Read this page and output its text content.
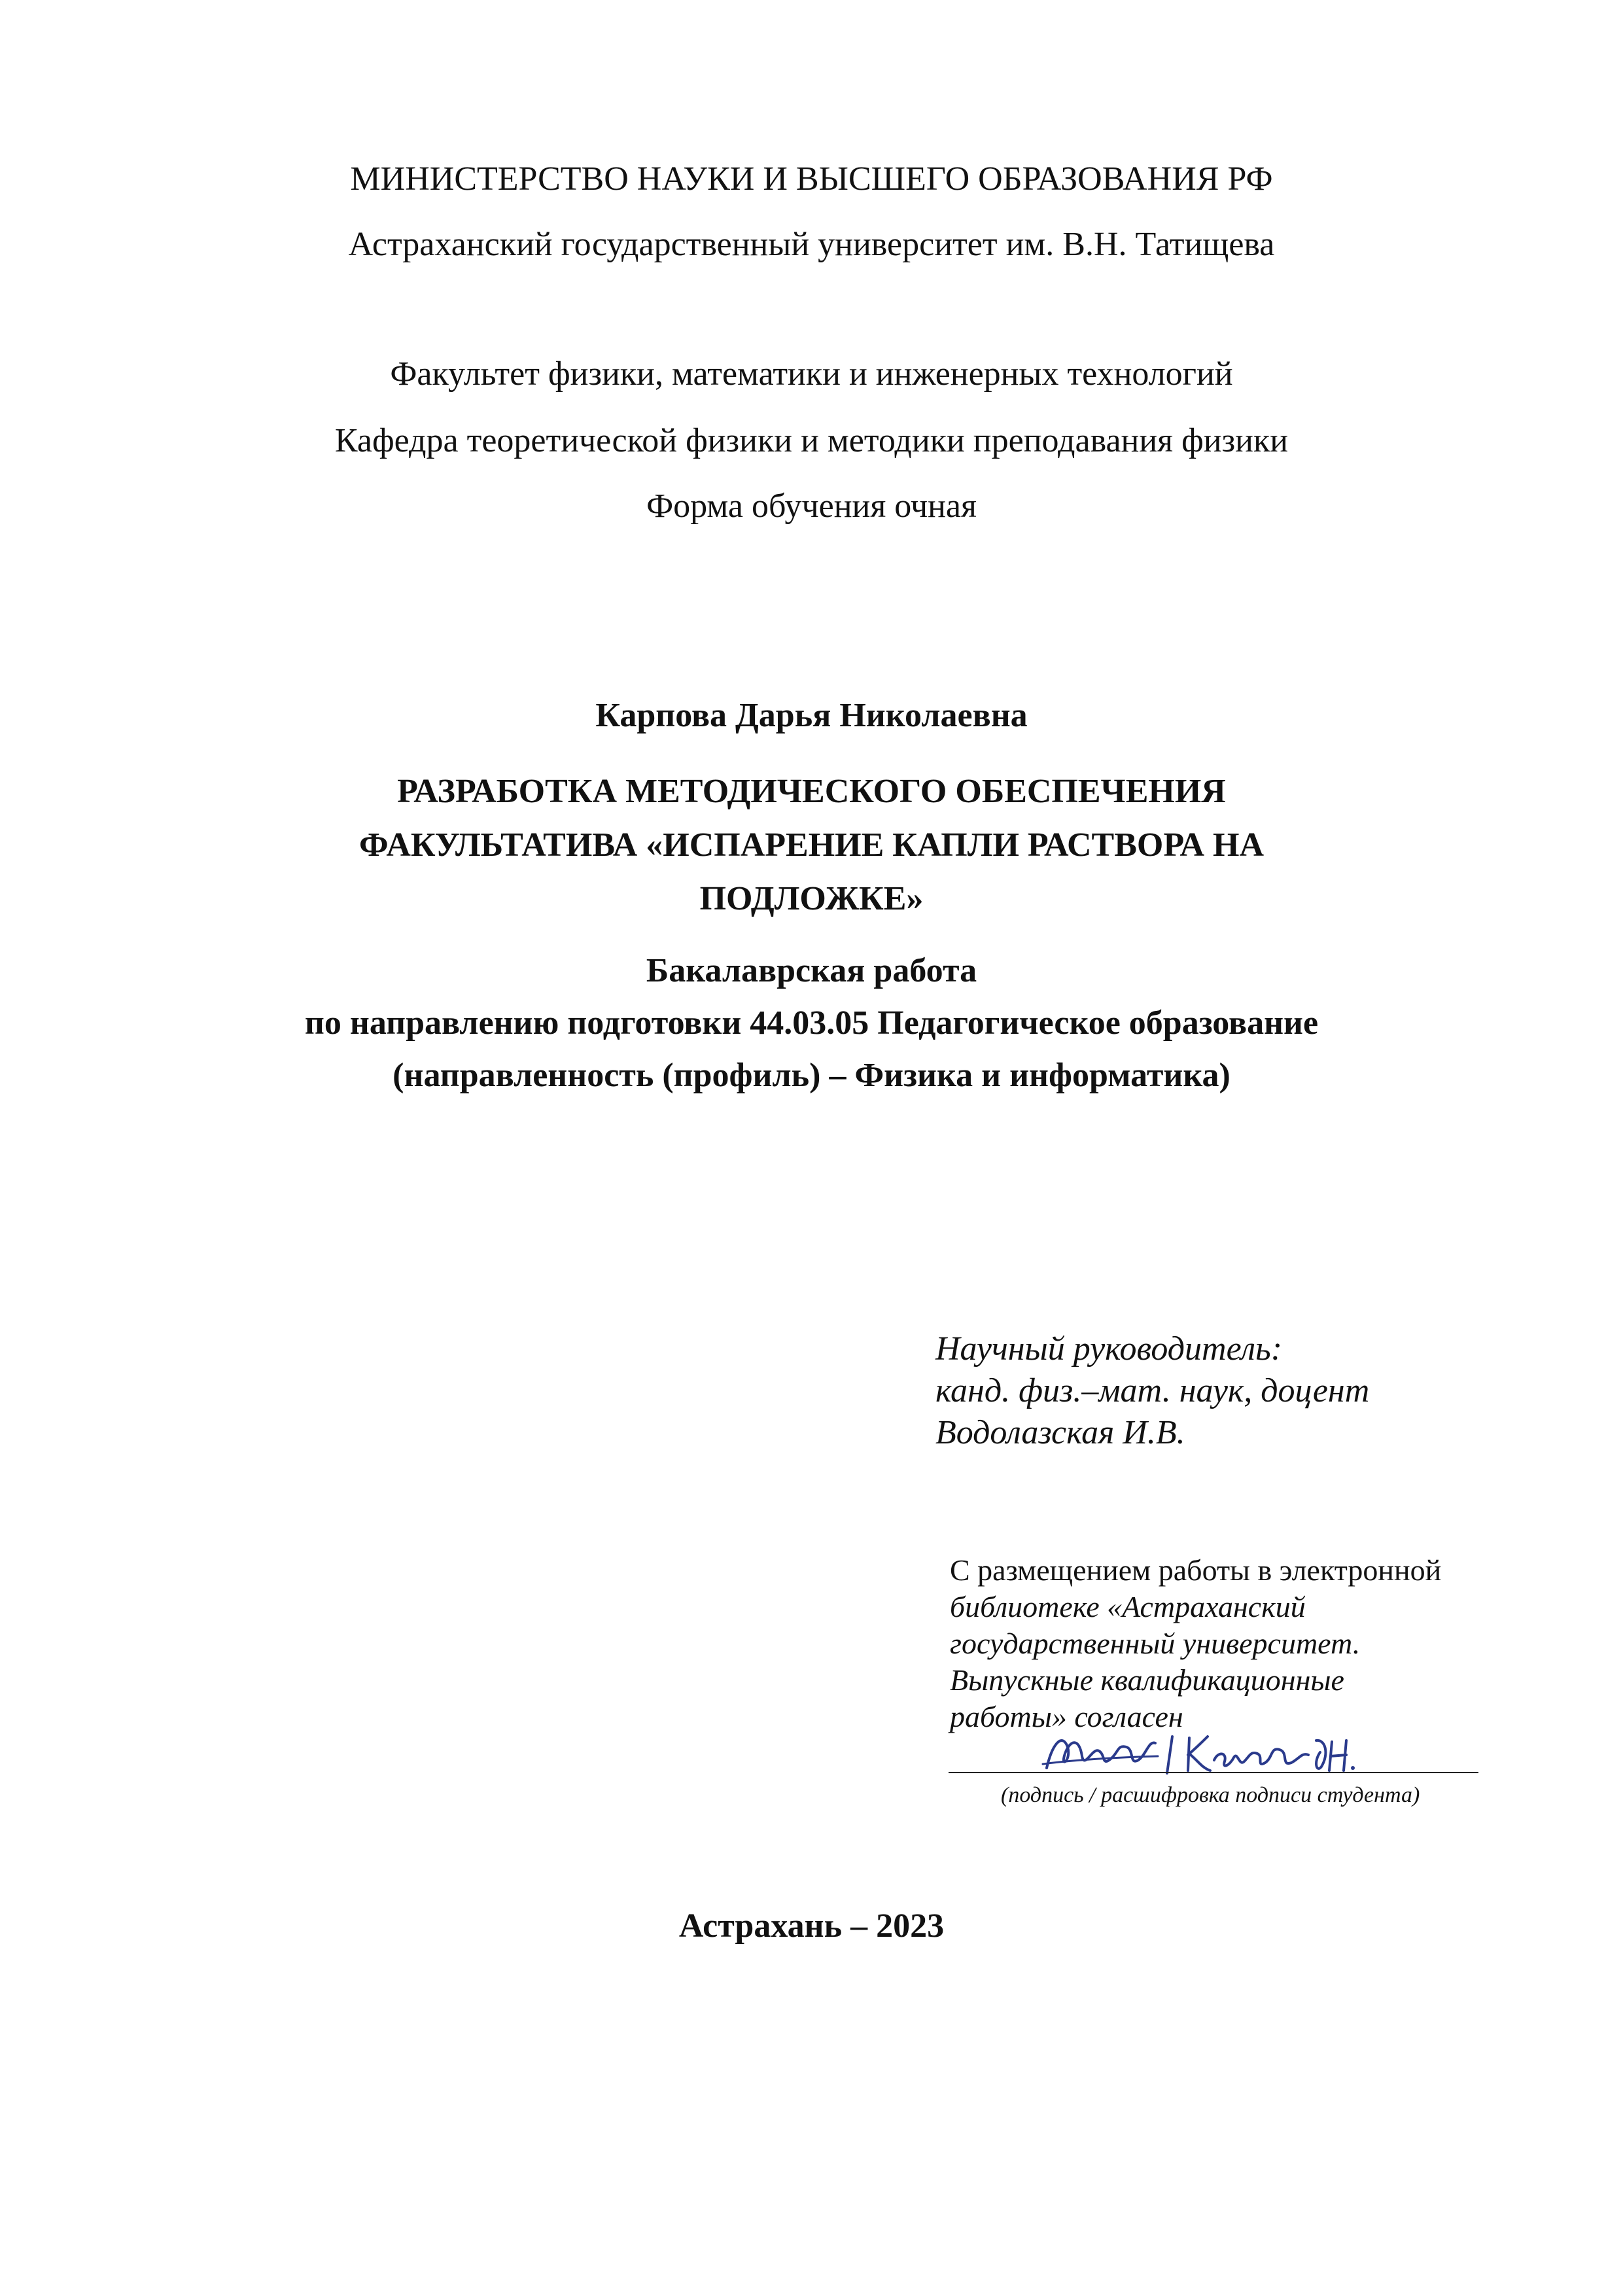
МИНИСТЕРСТВО НАУКИ И ВЫСШЕГО ОБРАЗОВАНИЯ РФ
Астраханский государственный университет им. В.Н. Татищева
Факультет физики, математики и инженерных технологий
Кафедра теоретической физики и методики преподавания физики
Форма обучения очная
Карпова Дарья Николаевна
РАЗРАБОТКА МЕТОДИЧЕСКОГО ОБЕСПЕЧЕНИЯ
ФАКУЛЬТАТИВА «ИСПАРЕНИЕ КАПЛИ РАСТВОРА НА
ПОДЛОЖКЕ»
Бакалаврская работа
по направлению подготовки 44.03.05 Педагогическое образование
(направленность (профиль) – Физика и информатика)
Научный руководитель:
канд. физ.–мат. наук, доцент
Водолазская И.В.
С размещением работы в электронной
библиотеке «Астраханский
государственный университет.
Выпускные квалификационные
работы» согласен
(подпись / расшифровка подписи студента)
Астрахань – 2023
